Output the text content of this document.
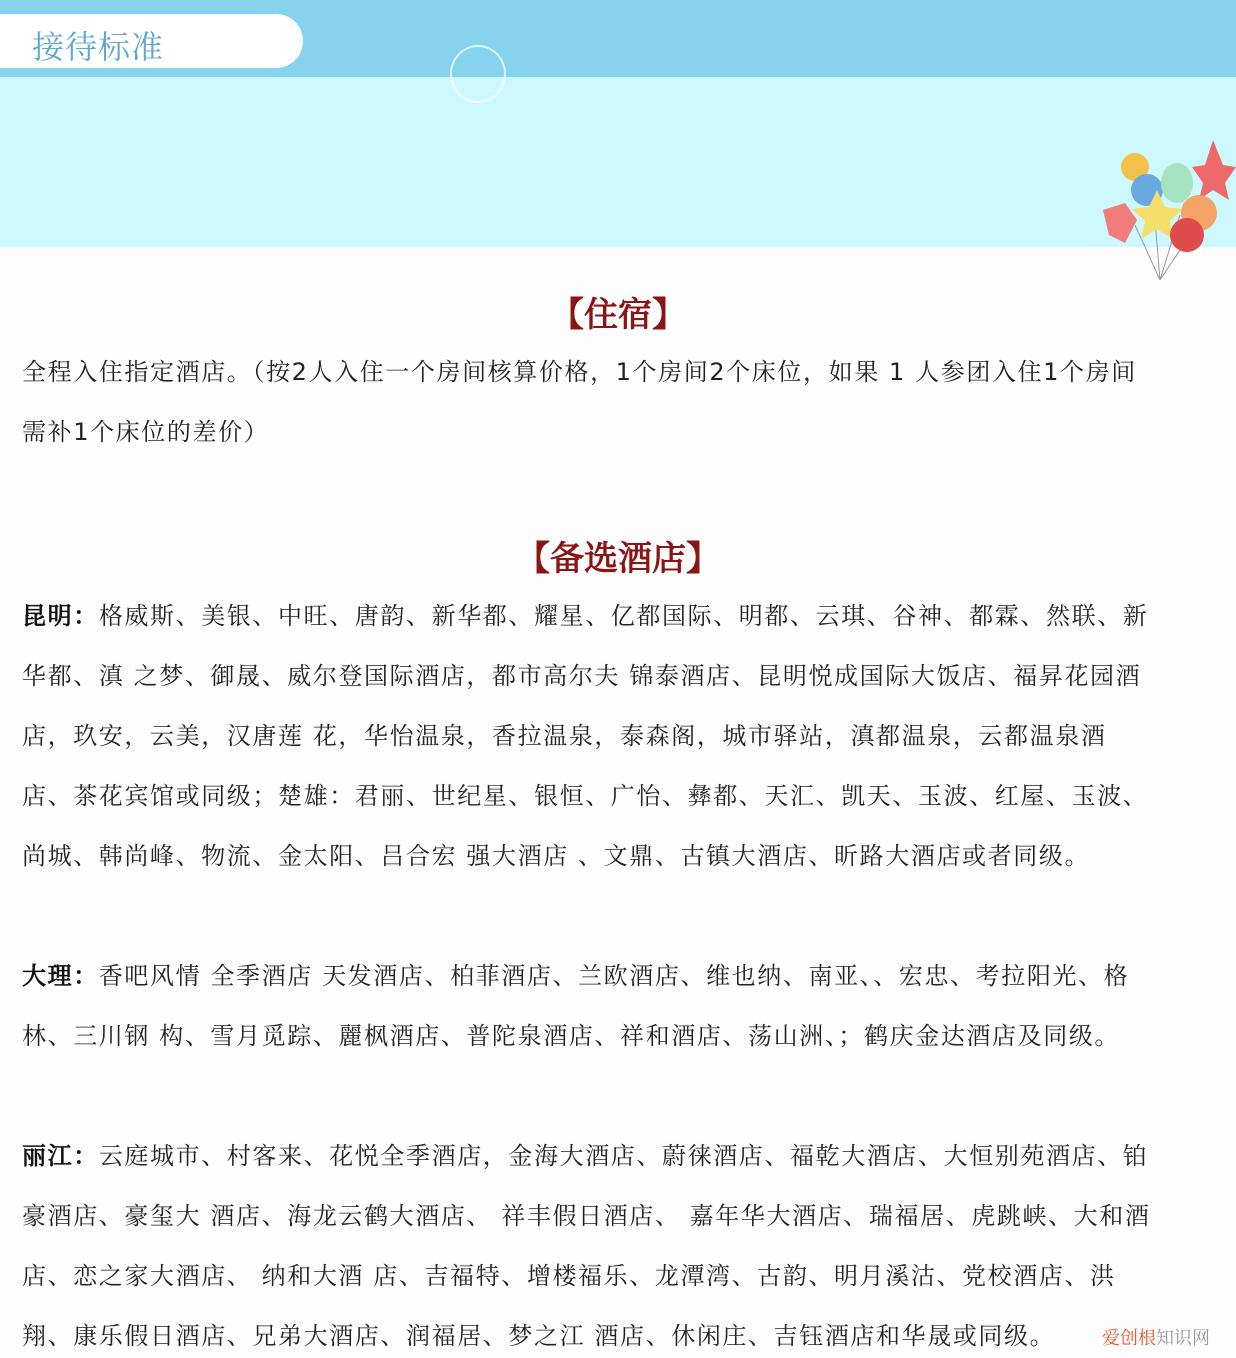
接待标准
【住宿】
全程入住指定酒店。（按2人入住一个房间核算价格，1个房间2个床位，如果 1 人参团入住1个房间
需补1个床位的差价）
【备选酒店】
昆明：格威斯、美银、中旺、唐韵、新华都、耀星、亿都国际、明都、云琪、谷神、都霖、然联、新
华都、滇 之梦、御晟、威尔登国际酒店，都市高尔夫 锦泰酒店、昆明悦成国际大饭店、福昇花园酒
店，玖安，云美，汉唐莲 花，华怡温泉，香拉温泉，泰森阁，城市驿站，滇都温泉，云都温泉酒
店、茶花宾馆或同级；楚雄：君丽、世纪星、银恒、广怡、彝都、天汇、凯天、玉波、红屋、玉波、
尚城、韩尚峰、物流、金太阳、吕合宏 强大酒店 、文鼎、古镇大酒店、昕路大酒店或者同级。
大理：香吧风情 全季酒店 天发酒店、柏菲酒店、兰欧酒店、维也纳、南亚、、宏忠、考拉阳光、格
林、三川钢 构、雪月觅踪、麗枫酒店、普陀泉酒店、祥和酒店、荡山洲、；鹤庆金达酒店及同级。
丽江：云庭城市、村客来、花悦全季酒店，金海大酒店、蔚徕酒店、福乾大酒店、大恒别苑酒店、铂
豪酒店、豪玺大 酒店、海龙云鹤大酒店、 祥丰假日酒店、 嘉年华大酒店、瑞福居、虎跳峡、大和酒
店、恋之家大酒店、 纳和大酒 店、吉福特、增楼福乐、龙潭湾、古韵、明月溪沽、党校酒店、洪
翔、康乐假日酒店、兄弟大酒店、润福居、梦之江 酒店、休闲庄、吉钰酒店和华晟或同级。	爱创根知识网
